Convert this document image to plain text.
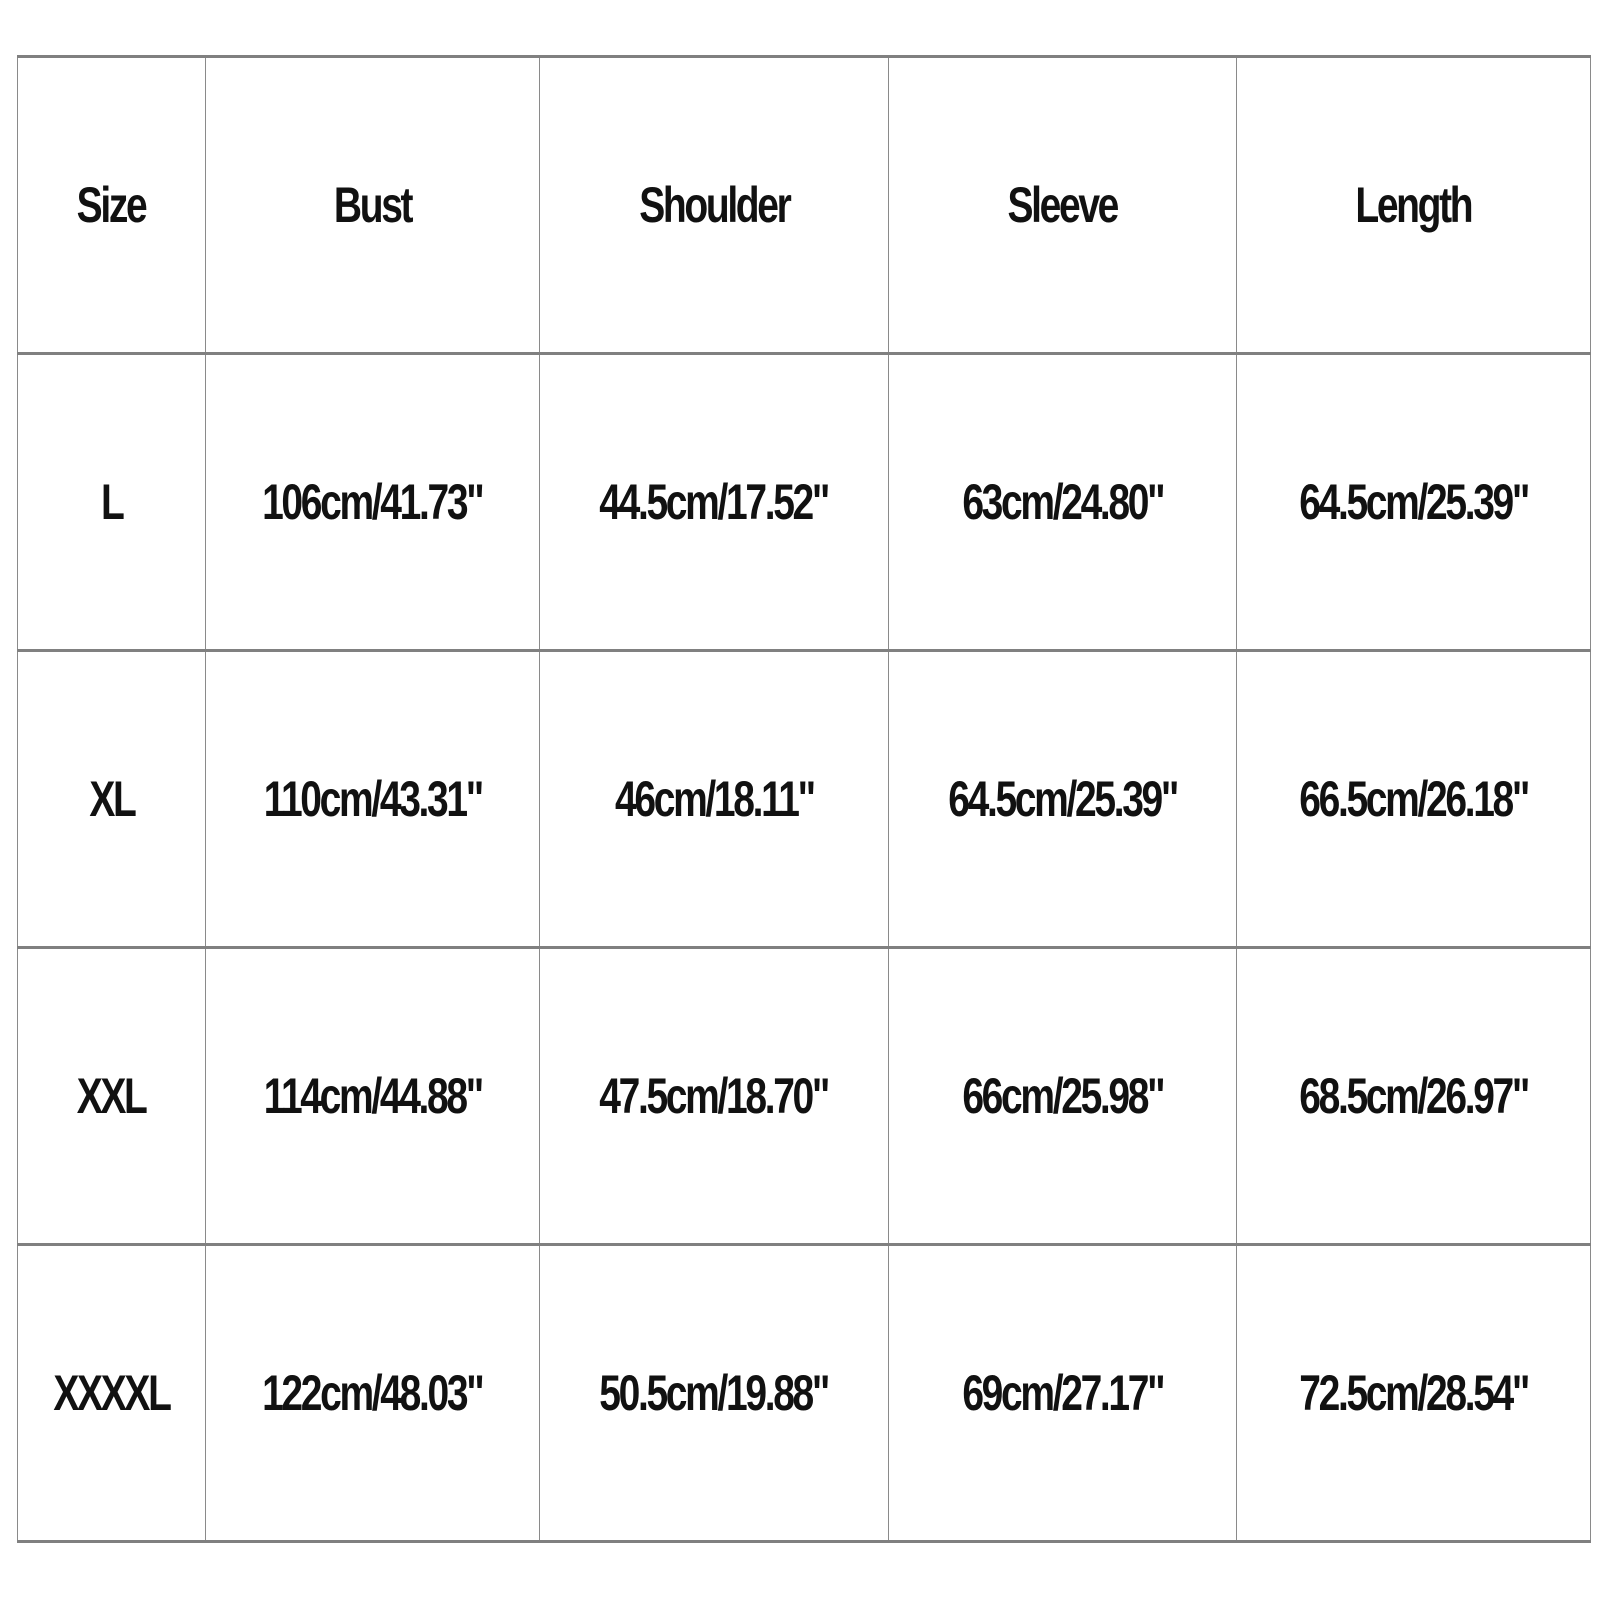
Size	Bust	Shoulder	Sleeve	Length
L	106cm/41.73"	44.5cm/17.52"	63cm/24.80"	64.5cm/25.39"
XL	110cm/43.31"	46cm/18.11"	64.5cm/25.39"	66.5cm/26.18"
XXL	114cm/44.88"	47.5cm/18.70"	66cm/25.98"	68.5cm/26.97"
XXXXL	122cm/48.03"	50.5cm/19.88"	69cm/27.17"	72.5cm/28.54"
